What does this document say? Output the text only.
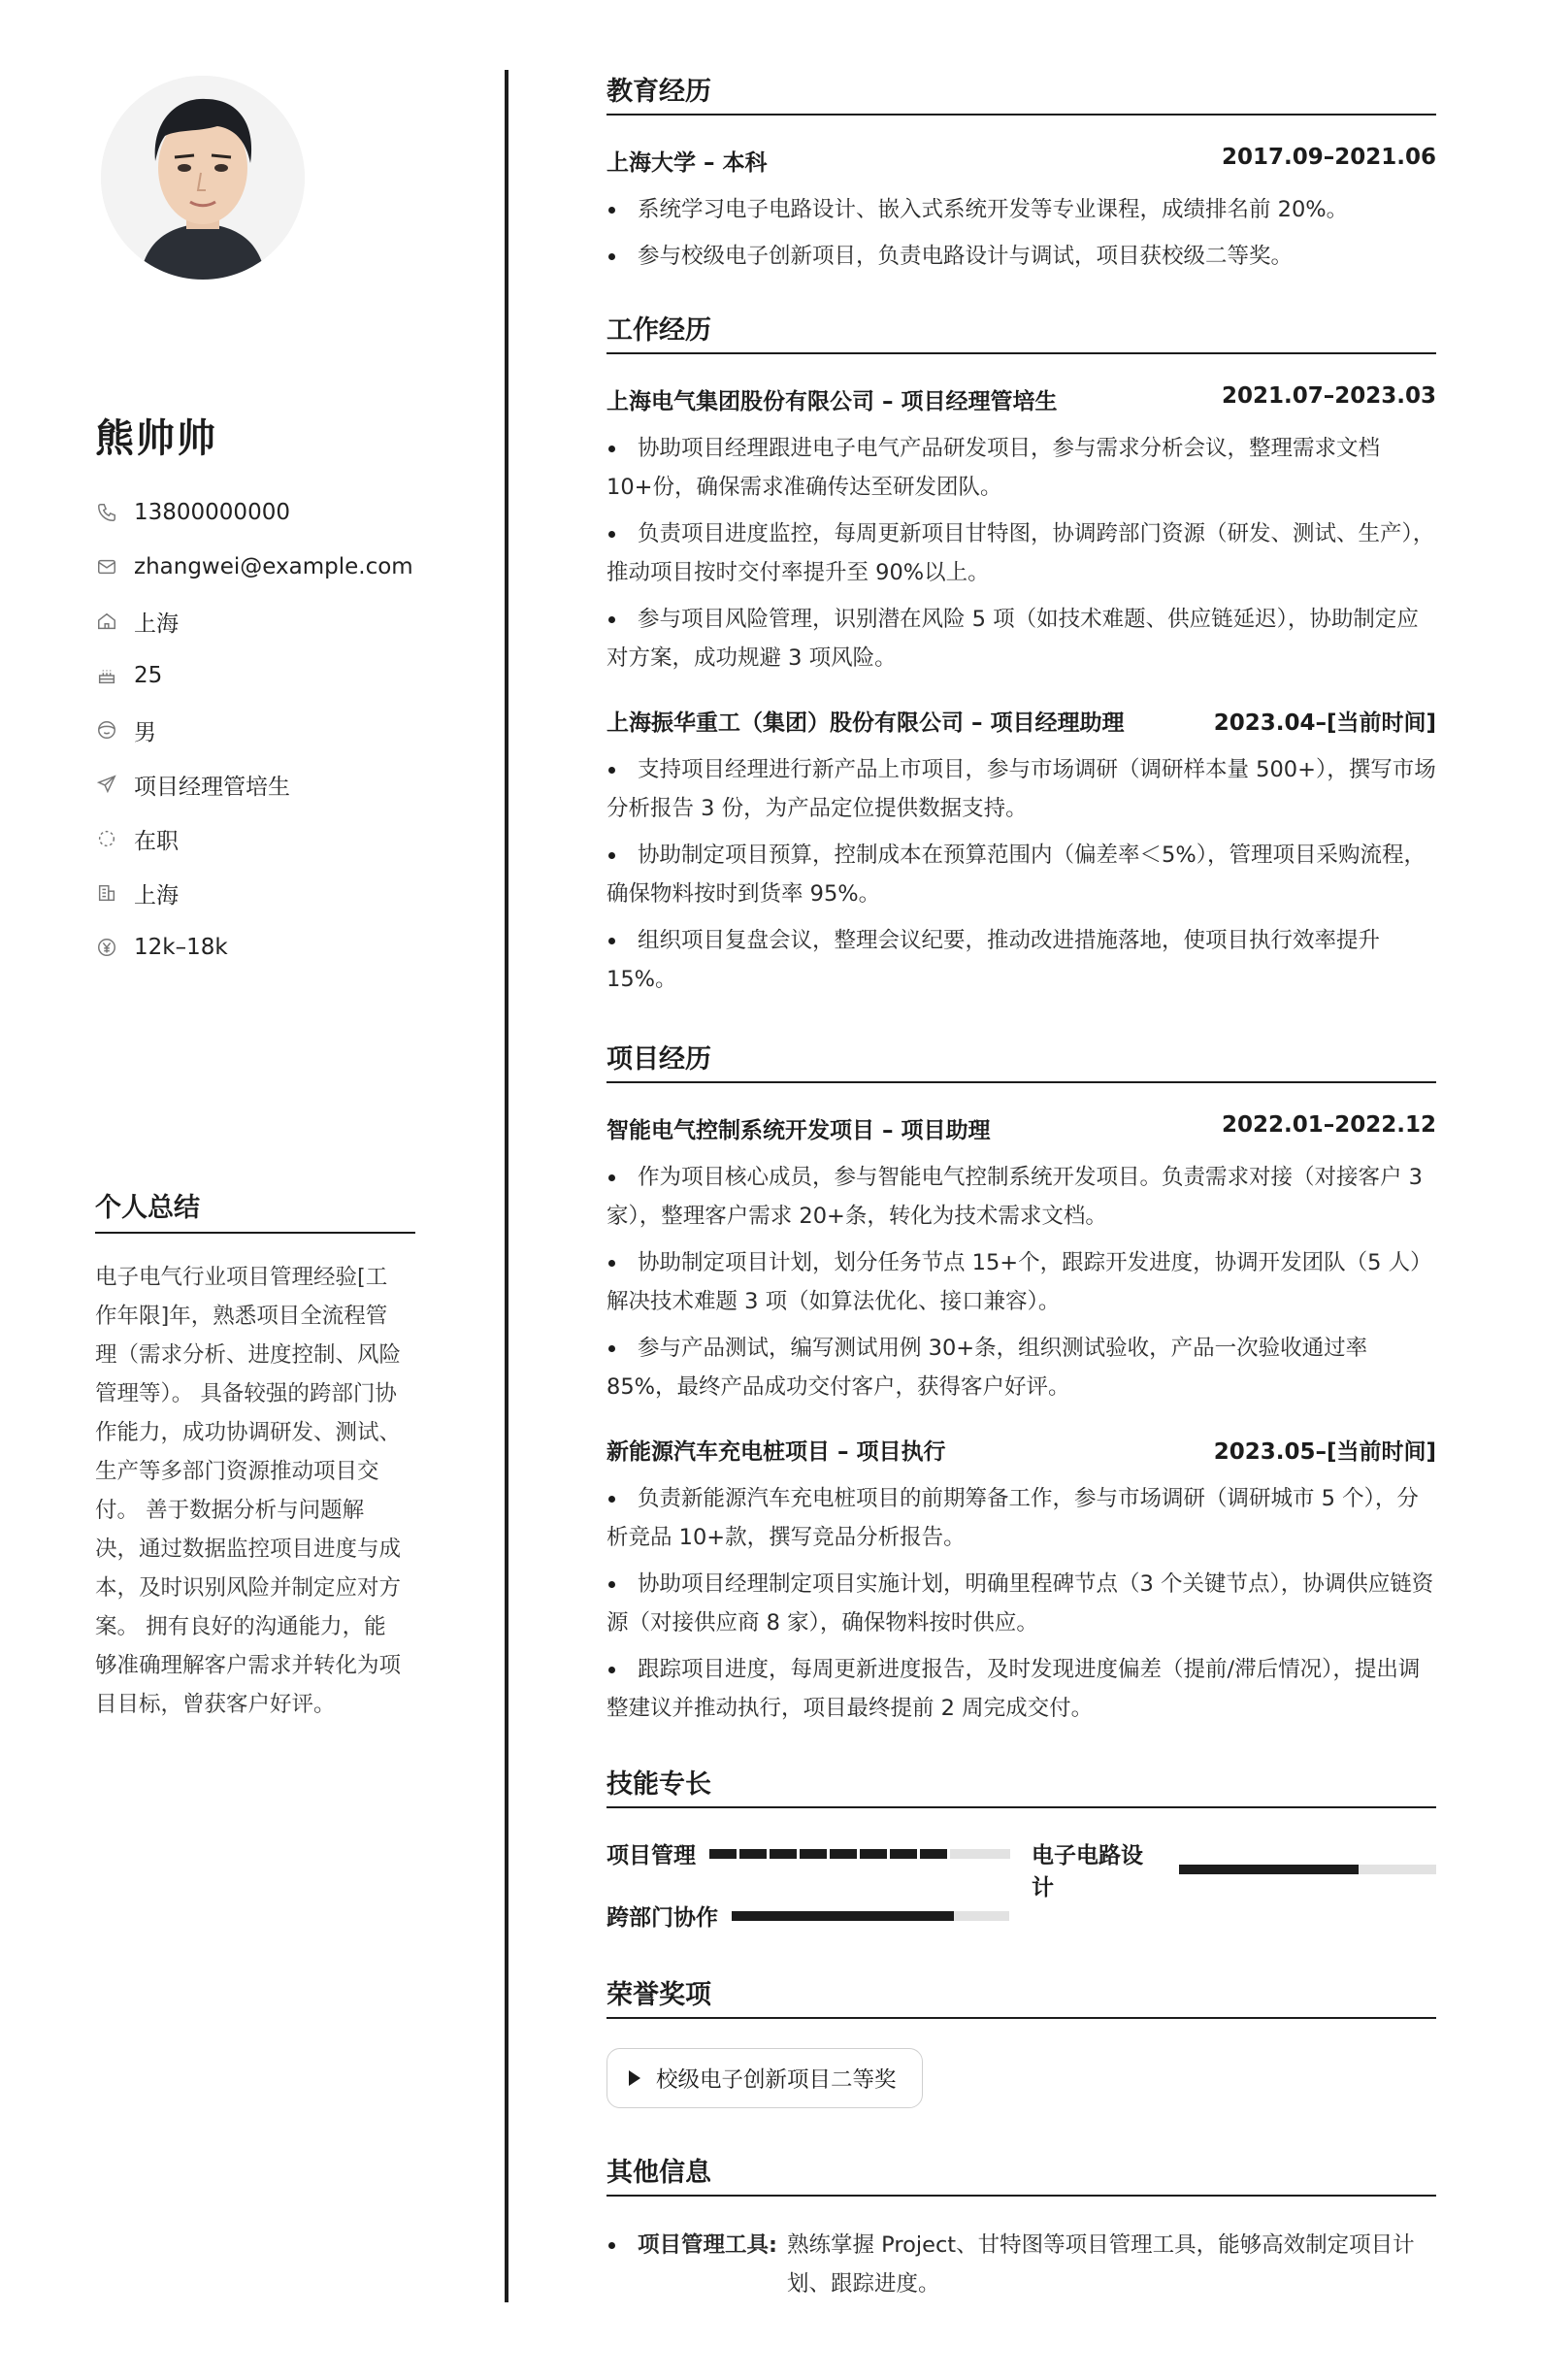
熊帅帅
13800000000
zhangwei@example.com
上海
25
男
项目经理管培生
在职
上海
12k–18k
个人总结
电子电气行业项目管理经验[工作年限]年，熟悉项目全流程管理（需求分析、进度控制、风险管理等）。 具备较强的跨部门协作能力，成功协调研发、测试、生产等多部门资源推动项目交付。 善于数据分析与问题解决，通过数据监控项目进度与成本，及时识别风险并制定应对方案。 拥有良好的沟通能力，能够准确理解客户需求并转化为项目目标，曾获客户好评。
教育经历
上海大学 – 本科	2017.09–2021.06
系统学习电子电路设计、嵌入式系统开发等专业课程，成绩排名前 20%。
参与校级电子创新项目，负责电路设计与调试，项目获校级二等奖。
工作经历
上海电气集团股份有限公司 – 项目经理管培生	2021.07–2023.03
协助项目经理跟进电子电气产品研发项目，参与需求分析会议，整理需求文档10+份，确保需求准确传达至研发团队。
负责项目进度监控，每周更新项目甘特图，协调跨部门资源（研发、测试、生产），推动项目按时交付率提升至 90%以上。
参与项目风险管理，识别潜在风险 5 项（如技术难题、供应链延迟），协助制定应对方案，成功规避 3 项风险。
上海振华重工（集团）股份有限公司 – 项目经理助理	2023.04–[当前时间]
支持项目经理进行新产品上市项目，参与市场调研（调研样本量 500+），撰写市场分析报告 3 份，为产品定位提供数据支持。
协助制定项目预算，控制成本在预算范围内（偏差率＜5%），管理项目采购流程，确保物料按时到货率 95%。
组织项目复盘会议，整理会议纪要，推动改进措施落地，使项目执行效率提升15%。
项目经历
智能电气控制系统开发项目 – 项目助理	2022.01–2022.12
作为项目核心成员，参与智能电气控制系统开发项目。负责需求对接（对接客户 3 家），整理客户需求 20+条，转化为技术需求文档。
协助制定项目计划，划分任务节点 15+个，跟踪开发进度，协调开发团队（5 人）解决技术难题 3 项（如算法优化、接口兼容）。
参与产品测试，编写测试用例 30+条，组织测试验收，产品一次验收通过率85%，最终产品成功交付客户，获得客户好评。
新能源汽车充电桩项目 – 项目执行	2023.05–[当前时间]
负责新能源汽车充电桩项目的前期筹备工作，参与市场调研（调研城市 5 个），分析竞品 10+款，撰写竞品分析报告。
协助项目经理制定项目实施计划，明确里程碑节点（3 个关键节点），协调供应链资源（对接供应商 8 家），确保物料按时供应。
跟踪项目进度，每周更新进度报告，及时发现进度偏差（提前/滞后情况），提出调整建议并推动执行，项目最终提前 2 周完成交付。
技能专长
项目管理	电子电路设计
跨部门协作
荣誉奖项
校级电子创新项目二等奖
其他信息
项目管理工具: 熟练掌握 Project、甘特图等项目管理工具，能够高效制定项目计划、跟踪进度。
